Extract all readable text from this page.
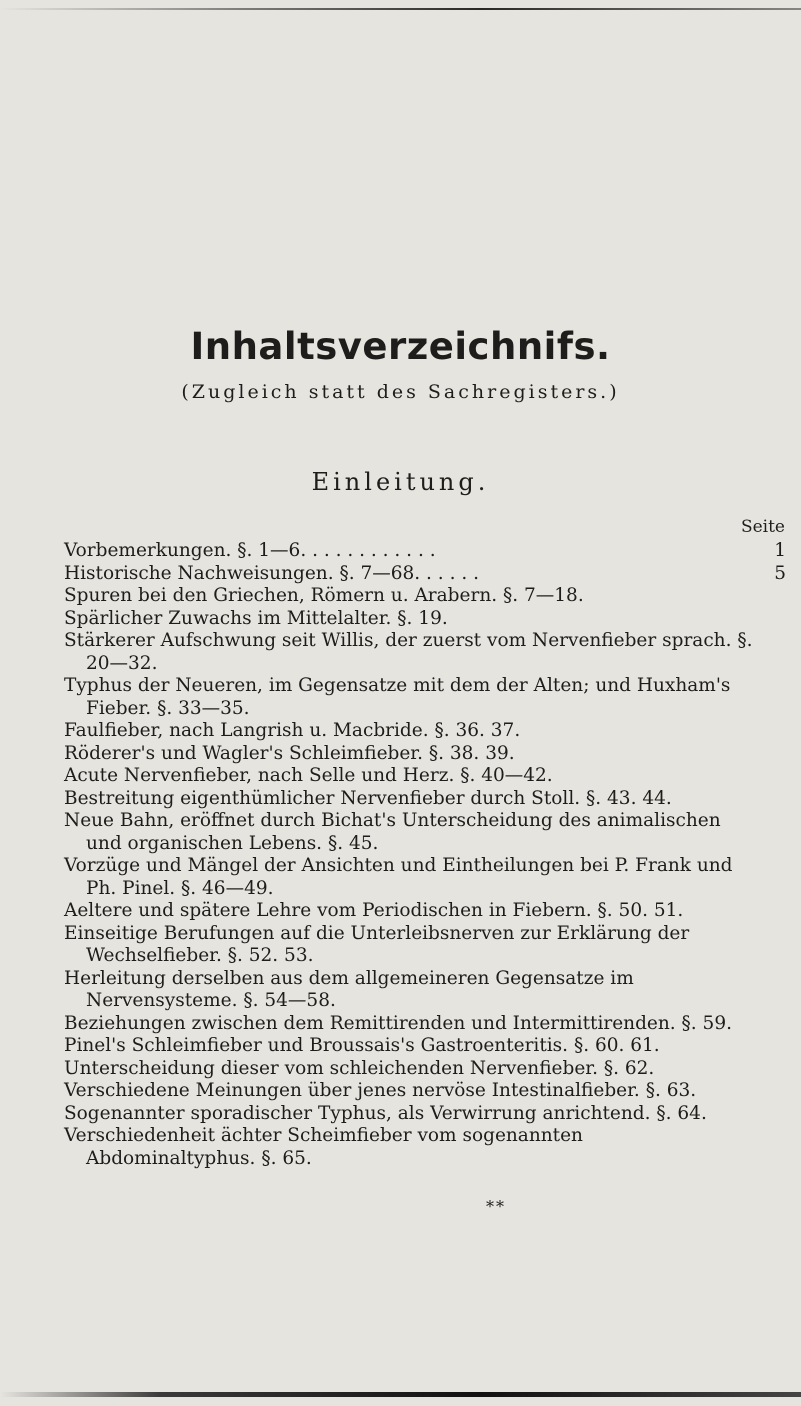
Inhaltsverzeichnifs.
(Zugleich statt des Sachregisters.)
Einleitung.
Seite
Vorbemerkungen. §. 1—6. . . . . . . . . . . .	1
Historische Nachweisungen. §. 7—68. . . . . .	5
Spuren bei den Griechen, Römern u. Arabern. §. 7—18.
Spärlicher Zuwachs im Mittelalter. §. 19.
Stärkerer Aufschwung seit Willis, der zuerst vom Nervenfieber sprach. §. 20—32.
Typhus der Neueren, im Gegensatze mit dem der Alten; und Huxham's Fieber. §. 33—35.
Faulfieber, nach Langrish u. Macbride. §. 36. 37.
Röderer's und Wagler's Schleimfieber. §. 38. 39.
Acute Nervenfieber, nach Selle und Herz. §. 40—42.
Bestreitung eigenthümlicher Nervenfieber durch Stoll. §. 43. 44.
Neue Bahn, eröffnet durch Bichat's Unterscheidung des animalischen und organischen Lebens. §. 45.
Vorzüge und Mängel der Ansichten und Eintheilungen bei P. Frank und Ph. Pinel. §. 46—49.
Aeltere und spätere Lehre vom Periodischen in Fiebern. §. 50. 51.
Einseitige Berufungen auf die Unterleibsnerven zur Erklärung der Wechselfieber. §. 52. 53.
Herleitung derselben aus dem allgemeineren Gegensatze im Nervensysteme. §. 54—58.
Beziehungen zwischen dem Remittirenden und Intermittirenden. §. 59.
Pinel's Schleimfieber und Broussais's Gastroenteritis. §. 60. 61.
Unterscheidung dieser vom schleichenden Nervenfieber. §. 62.
Verschiedene Meinungen über jenes nervöse Intestinalfieber. §. 63.
Sogenannter sporadischer Typhus, als Verwirrung anrichtend. §. 64.
Verschiedenheit ächter Scheimfieber vom sogenannten Abdominaltyphus. §. 65.
**
